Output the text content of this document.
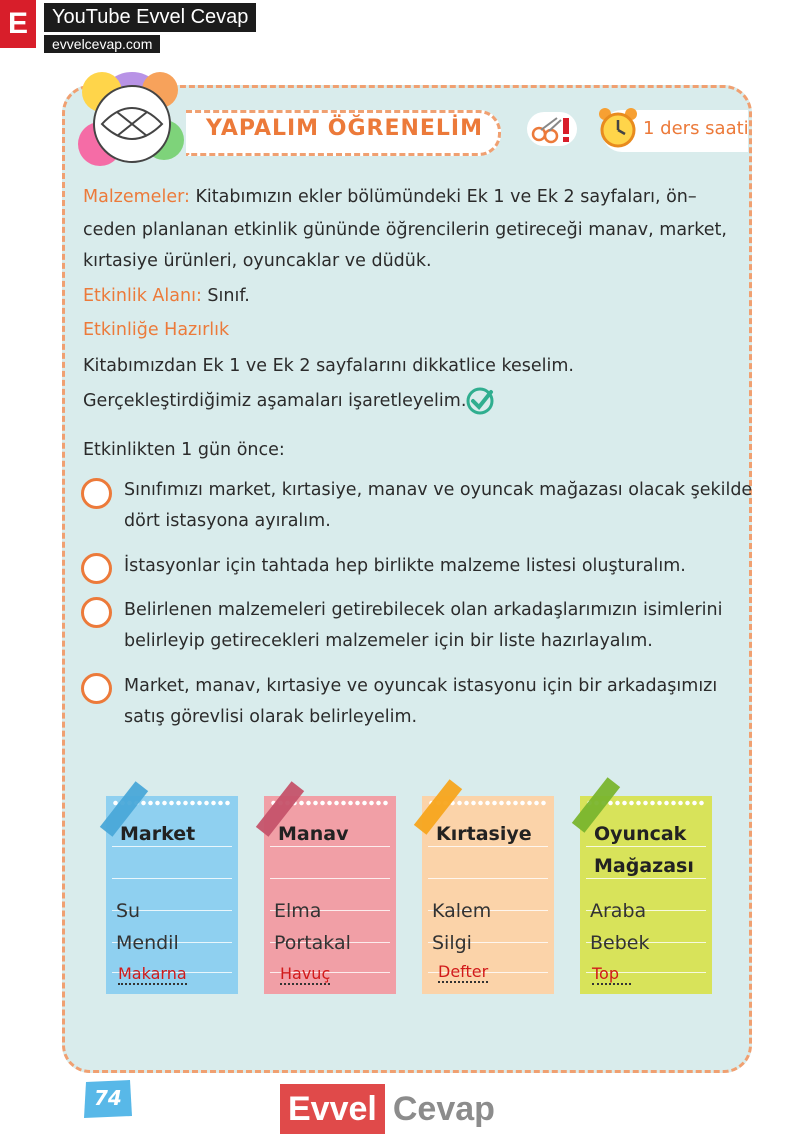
E	YouTube Evvel Cevap
evvelcevap.com
YAPALIM ÖĞRENELİM	1 ders saati
Malzemeler: Kitabımızın ekler bölümündeki Ek 1 ve Ek 2 sayfaları, ön–
ceden planlanan etkinlik gününde öğrencilerin getireceği manav, market,
kırtasiye ürünleri, oyuncaklar ve düdük.
Etkinlik Alanı: Sınıf.
Etkinliğe Hazırlık
Kitabımızdan Ek 1 ve Ek 2 sayfalarını dikkatlice keselim.
Gerçekleştirdiğimiz aşamaları işaretleyelim.
Etkinlikten 1 gün önce:
Sınıfımızı market, kırtasiye, manav ve oyuncak mağazası olacak şekilde
dört istasyona ayıralım.
İstasyonlar için tahtada hep birlikte malzeme listesi oluşturalım.
Belirlenen malzemeleri getirebilecek olan arkadaşlarımızın isimlerini
belirleyip getirecekleri malzemeler için bir liste hazırlayalım.
Market, manav, kırtasiye ve oyuncak istasyonu için bir arkadaşımızı
satış görevlisi olarak belirleyelim.
Market
Su
Mendil
Makarna
Manav
Elma
Portakal
Havuç
Kırtasiye
Kalem
Silgi
Defter
Oyuncak
Mağazası
Araba
Bebek
Top
74	Evvel Cevap
